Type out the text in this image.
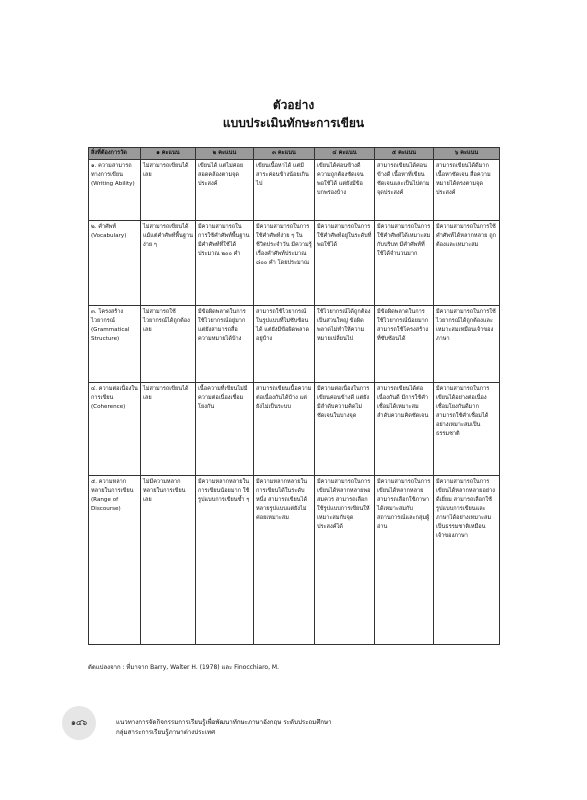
ตัวอย่าง
แบบประเมินทักษะการเขียน
สิ่งที่ต้องการวัด	๑ คะแนน	๒ คะแนน	๓ คะแนน	๔ คะแนน	๕ คะแนน	๖ คะแนน
๑. ความสามารถทางการเขียน (Writing Ability)	ไม่สามารถเขียนได้เลย	เขียนได้ แต่ไม่ค่อยสอดคล้องตามจุดประสงค์	เขียนเนื้อหาได้ แต่มีสาระค่อนข้างน้อยเกินไป	เขียนได้ค่อนข้างดี ความถูกต้องชัดเจนพอใช้ได้ แต่ยังมีข้อบกพร่องบ้าง	สามารถเขียนได้ค่อนข้างดี เนื้อหาที่เขียนชัดเจนและเป็นไปตามจุดประสงค์	สามารถเขียนได้ดีมาก เนื้อหาชัดเจน สื่อความหมายได้ตรงตามจุดประสงค์
๒. คำศัพท์ (Vocabulary)	ไม่สามารถเขียนได้ แม้แต่คำศัพท์พื้นฐานง่าย ๆ	มีความสามารถในการใช้คำศัพท์พื้นฐาน มีคำศัพท์ที่ใช้ได้ประมาณ ๒๐๐ คำ	มีความสามารถในการใช้คำศัพท์ง่าย ๆ ในชีวิตประจำวัน มีความรู้เรื่องคำศัพท์ประมาณ ๘๐๐ คำ โดยประมาณ	มีความสามารถในการใช้คำศัพท์อยู่ในระดับที่พอใช้ได้	มีความสามารถในการใช้คำศัพท์ได้เหมาะสมกับบริบท มีคำศัพท์ที่ใช้ได้จำนวนมาก	มีความสามารถในการใช้คำศัพท์ได้หลากหลาย ถูกต้องและเหมาะสม
๓. โครงสร้างไวยากรณ์ (Grammatical Structure)	ไม่สามารถใช้ไวยากรณ์ได้ถูกต้องเลย	มีข้อผิดพลาดในการใช้ไวยากรณ์อยู่มาก แต่ยังสามารถสื่อความหมายได้บ้าง	สามารถใช้ไวยากรณ์ในรูปแบบที่ไม่ซับซ้อนได้ แต่ยังมีข้อผิดพลาดอยู่บ้าง	ใช้ไวยากรณ์ได้ถูกต้องเป็นส่วนใหญ่ ข้อผิดพลาดไม่ทำให้ความหมายเปลี่ยนไป	มีข้อผิดพลาดในการใช้ไวยากรณ์น้อยมาก สามารถใช้โครงสร้างที่ซับซ้อนได้	มีความสามารถในการใช้ไวยากรณ์ได้ถูกต้องและเหมาะสมเหมือนเจ้าของภาษา
๔. ความต่อเนื่องในการเขียน (Coherence)	ไม่สามารถเขียนได้เลย	เนื้อความที่เขียนไม่มีความต่อเนื่องเชื่อมโยงกัน	สามารถเขียนเนื้อความต่อเนื่องกันได้บ้าง แต่ยังไม่เป็นระบบ	มีความต่อเนื่องในการเขียนค่อนข้างดี แต่ยังมีลำดับความคิดไม่ชัดเจนในบางจุด	สามารถเขียนได้ต่อเนื่องกันดี มีการใช้คำเชื่อมได้เหมาะสม ลำดับความคิดชัดเจน	มีความสามารถในการเขียนได้อย่างต่อเนื่องเชื่อมโยงกันดีมาก สามารถใช้คำเชื่อมได้อย่างเหมาะสมเป็นธรรมชาติ
๕. ความหลากหลายในการเขียน (Range of Discourse)	ไม่มีความหลากหลายในการเขียนเลย	มีความหลากหลายในการเขียนน้อยมาก ใช้รูปแบบการเขียนซ้ำ ๆ	มีความหลากหลายในการเขียนได้ในระดับหนึ่ง สามารถเขียนได้หลายรูปแบบแต่ยังไม่ค่อยเหมาะสม	มีความสามารถในการเขียนได้หลากหลายพอสมควร สามารถเลือกใช้รูปแบบการเขียนให้เหมาะสมกับจุดประสงค์ได้	มีความสามารถในการเขียนได้หลากหลาย สามารถเลือกใช้ภาษาได้เหมาะสมกับสถานการณ์และกลุ่มผู้อ่าน	มีความสามารถในการเขียนได้หลากหลายอย่างดีเยี่ยม สามารถเลือกใช้รูปแบบการเขียนและภาษาได้อย่างเหมาะสม เป็นธรรมชาติเหมือนเจ้าของภาษา
ดัดแปลงจาก : ที่มาจาก Barry, Walter H. (1978) และ Finocchiaro, M.
๑๔๖	แนวทางการจัดกิจกรรมการเรียนรู้เพื่อพัฒนาทักษะภาษาอังกฤษ ระดับประถมศึกษา
กลุ่มสาระการเรียนรู้ภาษาต่างประเทศ
